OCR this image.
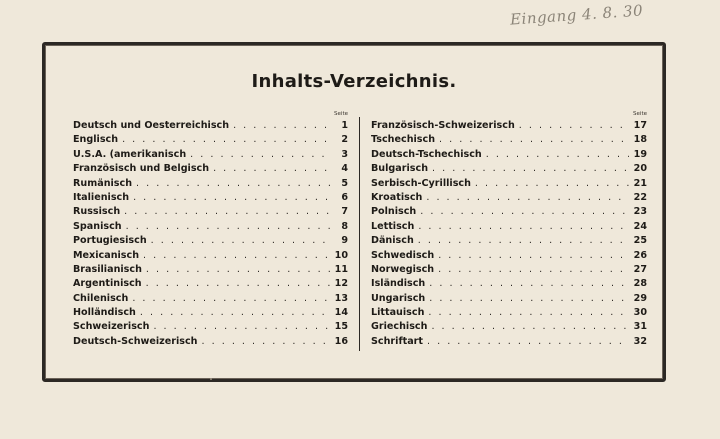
Eingang 4. 8. 30
Inhalts-Verzeichnis.
Seite
Deutsch und Oesterreichisch . . .	1
Englisch . . .	2
U.S.A. (amerikanisch . . .	3
Französisch und Belgisch . . .	4
Rumänisch . . .	5
Italienisch . . .	6
Russisch . . .	7
Spanisch . . .	8
Portugiesisch . . .	9
Mexicanisch . . .	10
Brasilianisch . . .	11
Argentinisch . . .	12
Chilenisch . . .	13
Holländisch . . .	14
Schweizerisch . . .	15
Deutsch-Schweizerisch . . .	16
Seite
Französisch-Schweizerisch . . .	17
Tschechisch . . .	18
Deutsch-Tschechisch . . .	19
Bulgarisch . . .	20
Serbisch-Cyrillisch . . .	21
Kroatisch . . .	22
Polnisch . . .	23
Lettisch . . .	24
Dänisch . . .	25
Schwedisch . . .	26
Norwegisch . . .	27
Isländisch . . .	28
Ungarisch . . .	29
Littauisch . . .	30
Griechisch . . .	31
Schriftart . . .	32
